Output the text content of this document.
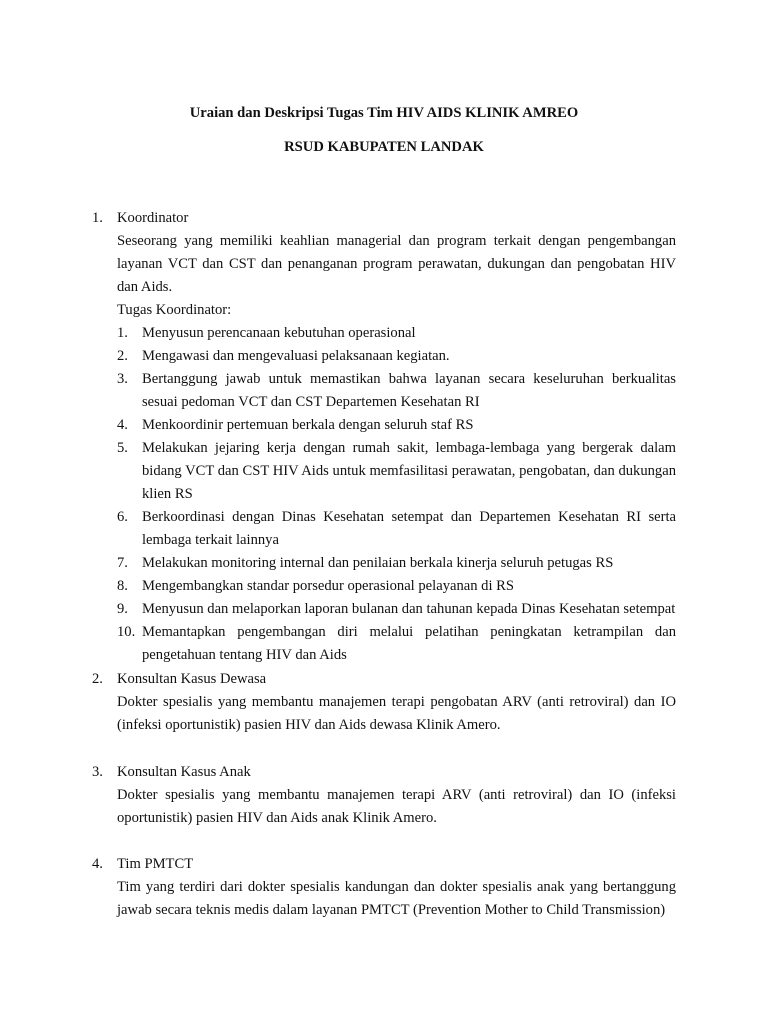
Uraian dan Deskripsi Tugas Tim HIV AIDS KLINIK AMREO
RSUD KABUPATEN LANDAK
1. Koordinator
Seseorang yang memiliki keahlian managerial dan program terkait dengan pengembangan layanan VCT dan CST dan penanganan program perawatan, dukungan dan pengobatan HIV dan Aids.
Tugas Koordinator:
1. Menyusun perencanaan kebutuhan operasional
2. Mengawasi dan mengevaluasi pelaksanaan kegiatan.
3. Bertanggung jawab untuk memastikan bahwa layanan secara keseluruhan berkualitas sesuai pedoman VCT dan CST Departemen Kesehatan RI
4. Menkoordinir pertemuan berkala dengan seluruh staf RS
5. Melakukan jejaring kerja dengan rumah sakit, lembaga-lembaga yang bergerak dalam bidang VCT dan CST HIV Aids untuk memfasilitasi perawatan, pengobatan, dan dukungan klien RS
6. Berkoordinasi dengan Dinas Kesehatan setempat dan Departemen Kesehatan RI serta lembaga terkait lainnya
7. Melakukan monitoring internal dan penilaian berkala kinerja seluruh petugas RS
8. Mengembangkan standar porsedur operasional pelayanan di RS
9. Menyusun dan melaporkan laporan bulanan dan tahunan kepada Dinas Kesehatan setempat
10. Memantapkan pengembangan diri melalui pelatihan peningkatan ketrampilan dan pengetahuan tentang HIV dan Aids
2. Konsultan Kasus Dewasa
Dokter spesialis yang membantu manajemen terapi pengobatan ARV (anti retroviral) dan IO (infeksi oportunistik) pasien HIV dan Aids dewasa Klinik Amero.
3. Konsultan Kasus Anak
Dokter spesialis yang membantu manajemen terapi ARV (anti retroviral) dan IO (infeksi oportunistik) pasien HIV dan Aids anak Klinik Amero.
4. Tim PMTCT
Tim yang terdiri dari dokter spesialis kandungan dan dokter spesialis anak yang bertanggung jawab secara teknis medis dalam layanan PMTCT (Prevention Mother to Child Transmission)
